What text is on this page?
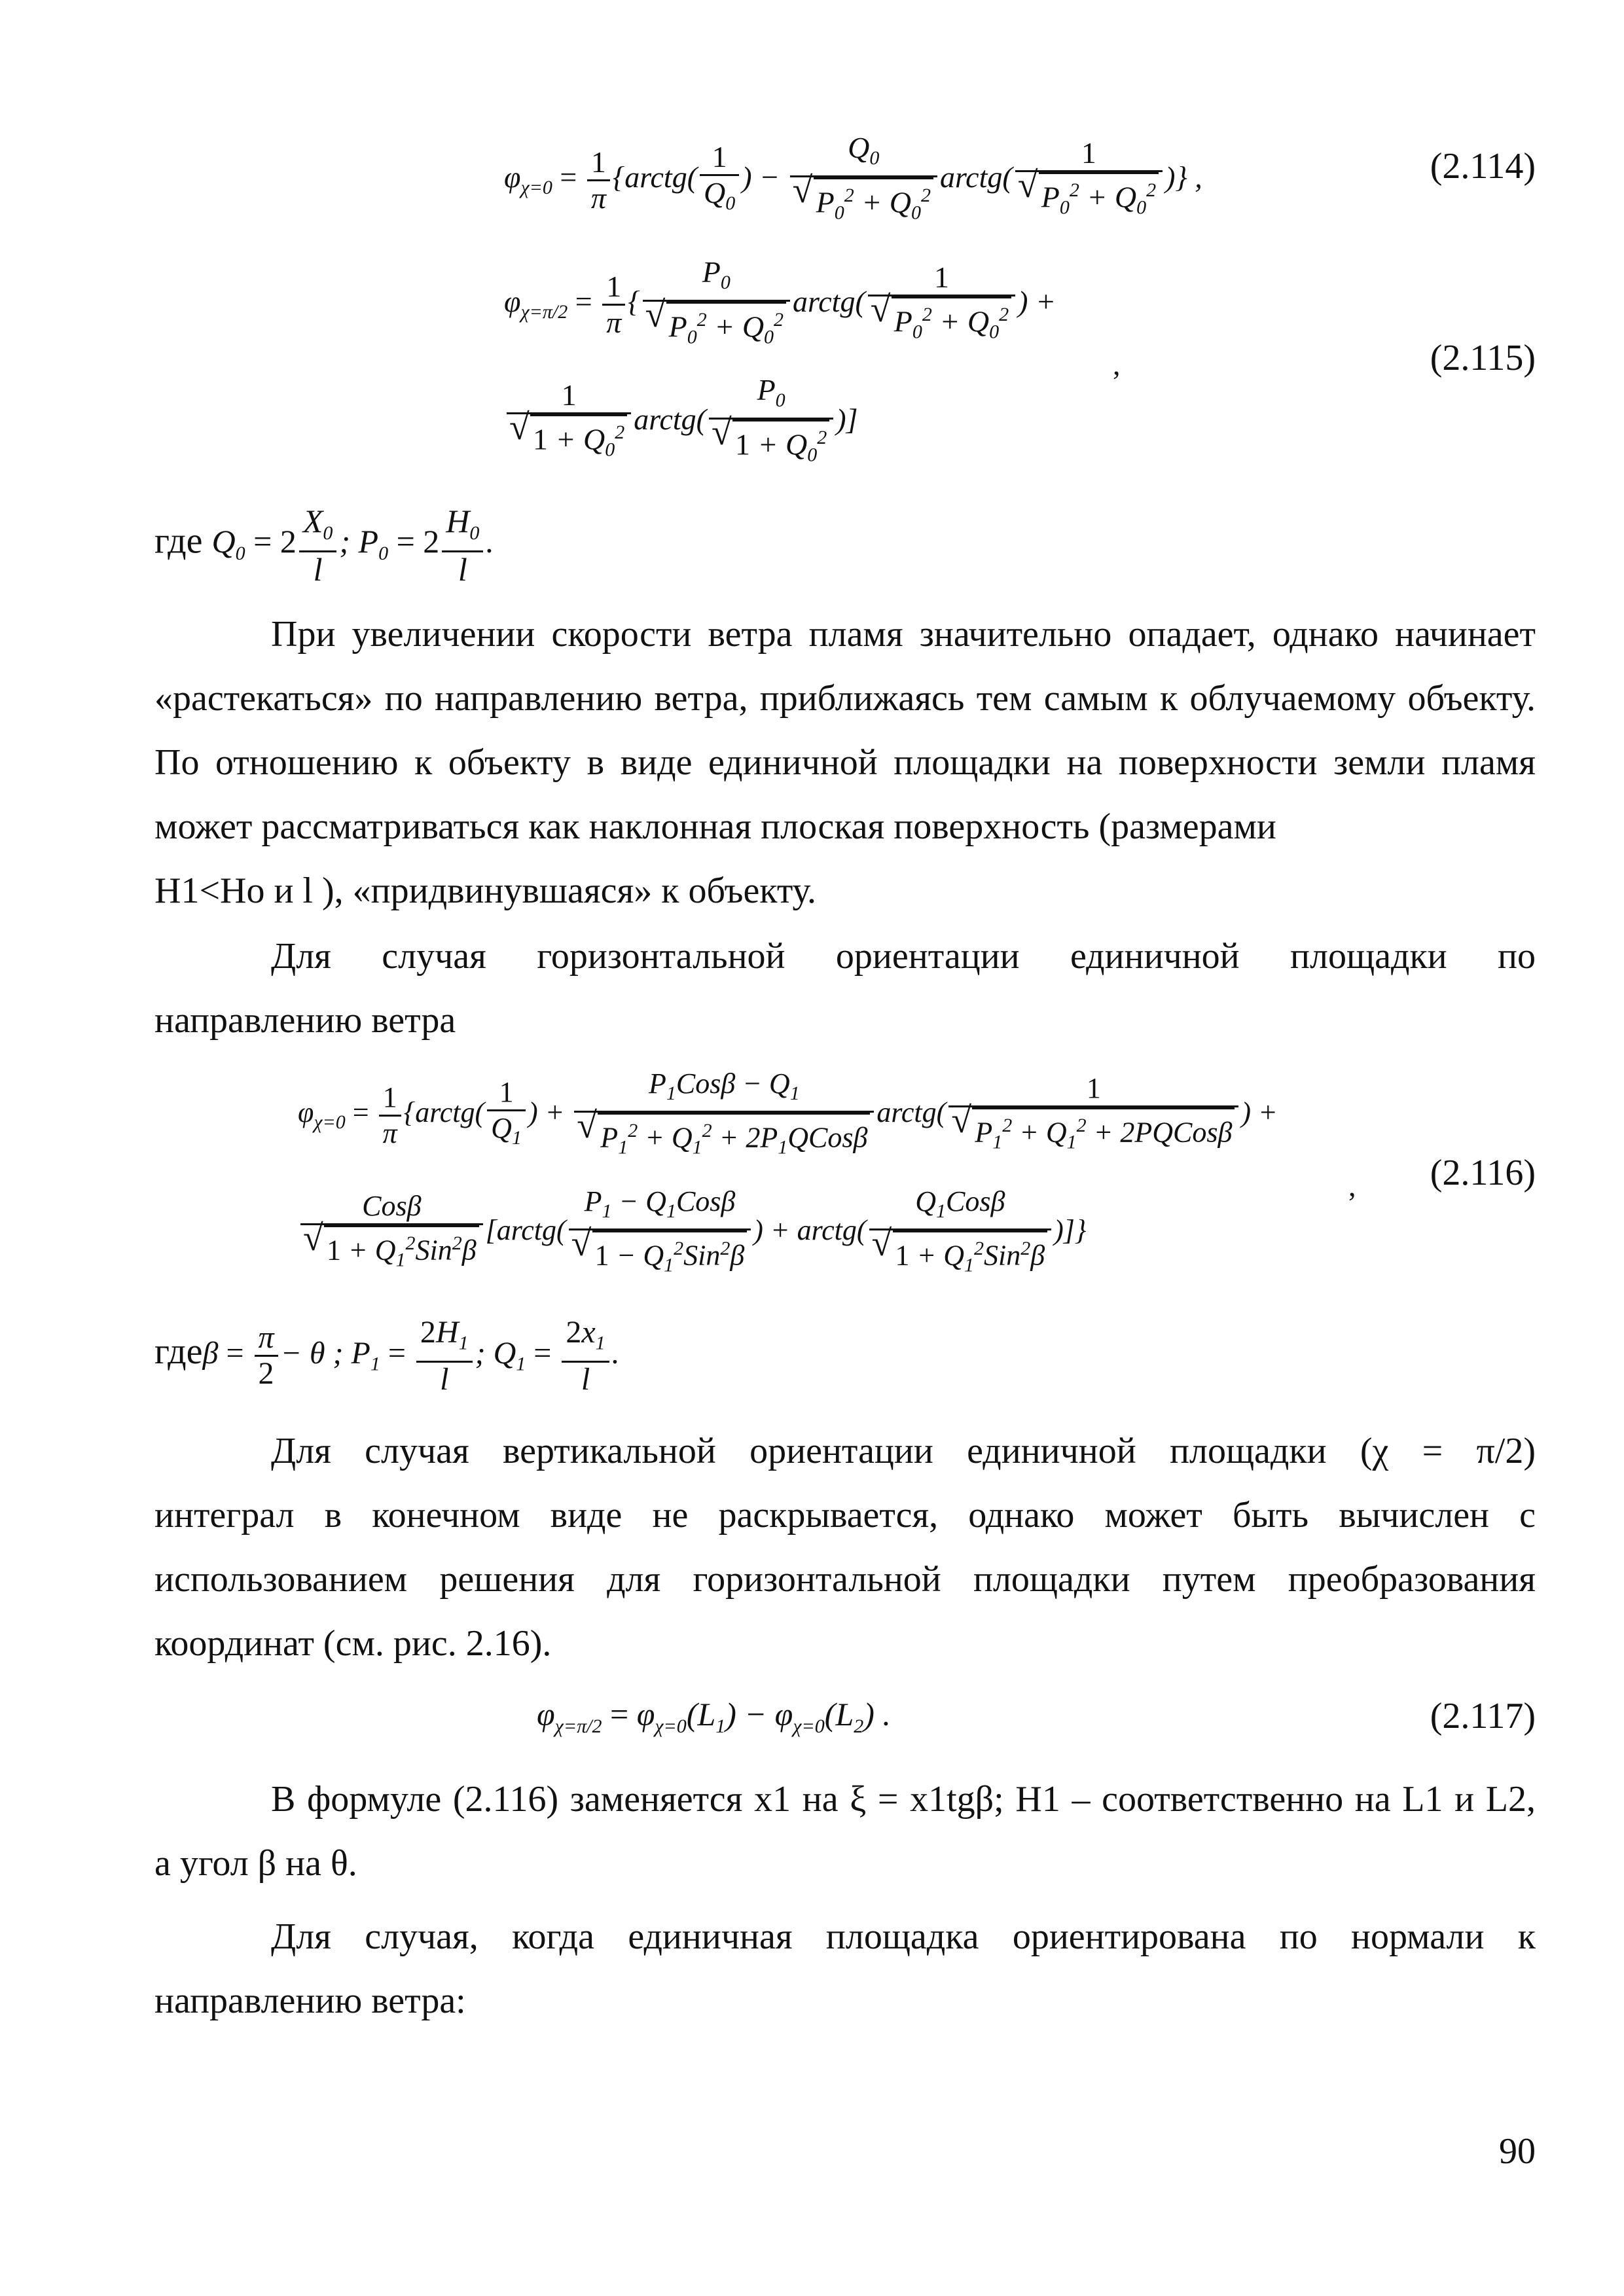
$\varphi_{\chi=0} = \frac{1}{\pi}$ {arctg( $\frac{1}{Q_0}$ ) − $Q_0$
√ $P_0^2 + Q_0^2$ arctg( 1
√ $P_0^2 + Q_0^2$ )} ,	(2.114)
$\varphi_{\chi=\pi/2} = \frac{1}{\pi}$ { $P_0$
√ $P_0^2 + Q_0^2$ arctg( 1
√ $P_0^2 + Q_0^2$ ) +
1
√ $1 + Q_0^2$ arctg( $P_0$
√ $1 + Q_0^2$ )]
,	(2.115)
где $Q_0 = 2 \frac{X_0}{l}$ ; $P_0 = 2 \frac{H_0}{l}$ .
При увеличении скорости ветра пламя значительно опадает, однако начинает «растекаться» по направлению ветра, приближаясь тем самым к облучаемому объекту. По отношению к объекту в виде единичной площадки на поверхности земли пламя может рассматриваться как наклонная плоская поверхность (размерами
H1<Ho и l ), «придвинувшаяся» к объекту.
Для случая горизонтальной ориентации единичной площадки по
направлению ветра
$\varphi_{\chi=0} = \frac{1}{\pi}$ {arctg( $\frac{1}{Q_1}$ ) + $P_1Cos\beta - Q_1$
√ $P_1^2 + Q_1^2$ + $2P_1QCos\beta$ arctg( 1
√ $P_1^2 + Q_1^2$ + 2PQCosβ ) +
Cosβ
√ $1 + Q_1^2Sin^2\beta$ [arctg( $P_1 - Q_1Cos\beta$
√ $1 - Q_1^2Sin^2\beta$ ) + arctg( $Q_1Cos\beta$
√ $1 + Q_1^2Sin^2\beta$ )]}
, (2.116)
$где\beta = \frac{\pi}{2} - \theta$ ; $P_1 = \frac{2H_1}{l}$ ; $Q_1 = \frac{2x_1}{l}$ .
Для случая вертикальной ориентации единичной площадки (χ = π/2)
интеграл в конечном виде не раскрывается, однако может быть вычислен с использованием решения для горизонтальной площадки путем преобразования координат (см. рис. 2.16).
$\varphi_{\chi=\pi/2} = \varphi_{\chi=0}(L_1) - \varphi_{\chi=0}(L_2)$ .	(2.117)
В формуле (2.116) заменяется x1 на ξ = x1tgβ; H1 – соответственно на L1 и L2,
а угол β на θ.
Для случая, когда единичная площадка ориентирована по нормали к
направлению ветра:
90
